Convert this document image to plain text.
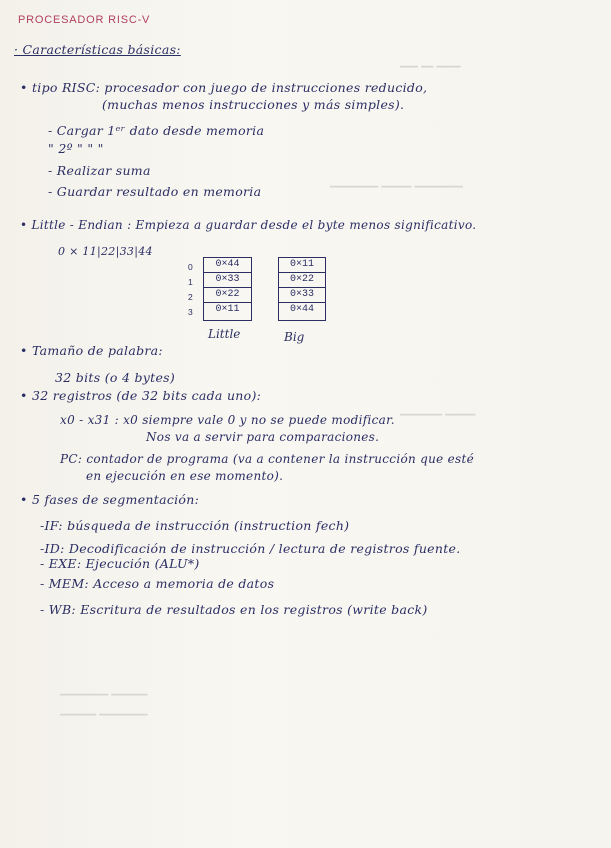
━━━ ━━ ━━━━
━━━━━━━━ ━━━━━ ━━━━━━━━
━━━━━━━ ━━━━━
━━━━━━━━ ━━━━━━
━━━━━━ ━━━━━━━━
PROCESADOR RISC-V
· Características básicas:
• tipo RISC: procesador con juego de instrucciones reducido,
(muchas menos instrucciones y más simples).
- Cargar 1ᵉʳ dato desde memoria
" 2º " " "
- Realizar suma
- Guardar resultado en memoria
• Little - Endian : Empieza a guardar desde el byte menos significativo.
0 × 11|22|33|44
0
1
2
3
0×44
0×33
0×22
0×11
0×11
0×22
0×33
0×44
Little	Big
• Tamaño de palabra:
32 bits (o 4 bytes)
• 32 registros (de 32 bits cada uno):
x0 - x31 : x0 siempre vale 0 y no se puede modificar.
Nos va a servir para comparaciones.
PC: contador de programa (va a contener la instrucción que esté
en ejecución en ese momento).
• 5 fases de segmentación:
-IF: búsqueda de instrucción (instruction fech)
-ID: Decodificación de instrucción / lectura de registros fuente.
- EXE: Ejecución (ALU*)
- MEM: Acceso a memoria de datos
- WB: Escritura de resultados en los registros (write back)
